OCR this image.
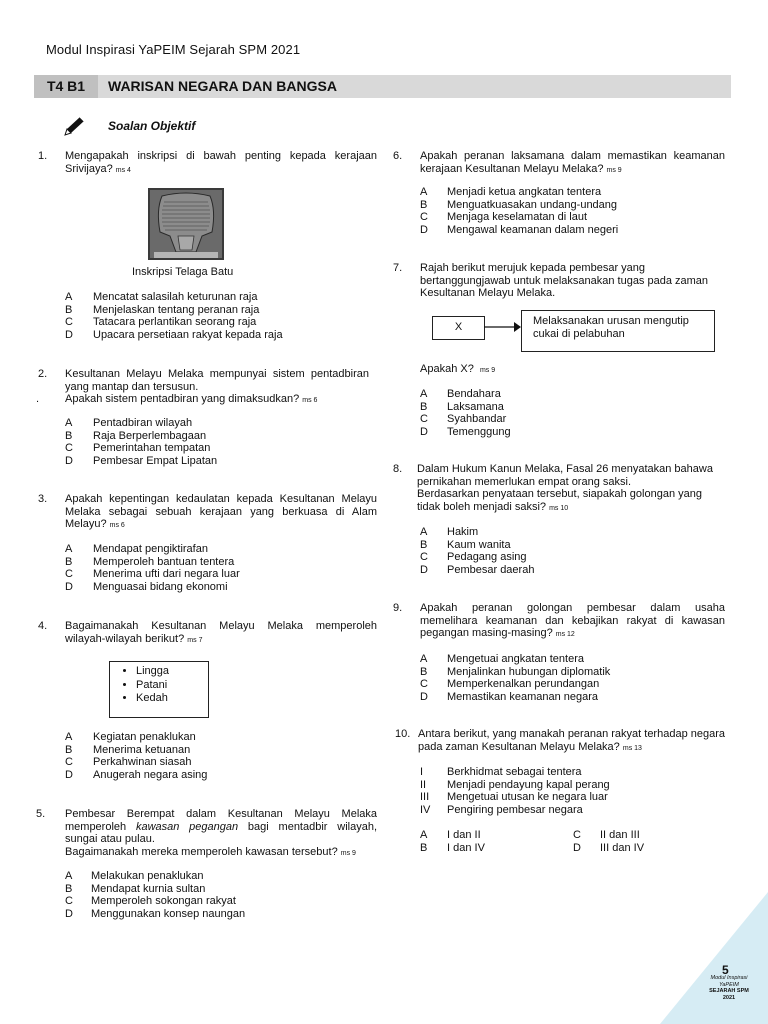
Modul Inspirasi YaPEIM Sejarah SPM 2021
T4 B1	WARISAN NEGARA DAN BANGSA
Soalan Objektif
1. Mengapakah inskripsi di bawah penting kepada kerajaan Srivijaya? ms 4
Inskripsi Telaga Batu
A	Mencatat salasilah keturunan raja
B	Menjelaskan tentang peranan raja
C	Tatacara perlantikan seorang raja
D	Upacara persetiaan rakyat kepada raja
2.
.
Kesultanan Melayu Melaka mempunyai sistem pentadbiran yang mantap dan tersusun.
Apakah sistem pentadbiran yang dimaksudkan? ms 6
A	Pentadbiran wilayah
B	Raja Berperlembagaan
C	Pemerintahan tempatan
D	Pembesar Empat Lipatan
3. Apakah kepentingan kedaulatan kepada Kesultanan Melayu Melaka sebagai sebuah kerajaan yang berkuasa di Alam Melayu? ms 6
A	Mendapat pengiktirafan
B	Memperoleh bantuan tentera
C	Menerima ufti dari negara luar
D	Menguasai bidang ekonomi
4. Bagaimanakah Kesultanan Melayu Melaka memperoleh wilayah-wilayah berikut? ms 7
• Lingga
• Patani
• Kedah
A	Kegiatan penaklukan
B	Menerima ketuanan
C	Perkahwinan siasah
D	Anugerah negara asing
5. Pembesar Berempat dalam Kesultanan Melayu Melaka memperoleh kawasan pegangan bagi mentadbir wilayah, sungai atau pulau.
Bagaimanakah mereka memperoleh kawasan tersebut? ms 9
A	Melakukan penaklukan
B	Mendapat kurnia sultan
C	Memperoleh sokongan rakyat
D	Menggunakan konsep naungan
6. Apakah peranan laksamana dalam memastikan keamanan kerajaan Kesultanan Melayu Melaka? ms 9
A	Menjadi ketua angkatan tentera
B	Menguatkuasakan undang-undang
C	Menjaga keselamatan di laut
D	Mengawal keamanan dalam negeri
7. Rajah berikut merujuk kepada pembesar yang bertanggungjawab untuk melaksanakan tugas pada zaman Kesultanan Melayu Melaka.
X	Melaksanakan urusan mengutip cukai di pelabuhan
Apakah X? ms 9
A	Bendahara
B	Laksamana
C	Syahbandar
D	Temenggung
8. Dalam Hukum Kanun Melaka, Fasal 26 menyatakan bahawa pernikahan memerlukan empat orang saksi.
Berdasarkan penyataan tersebut, siapakah golongan yang tidak boleh menjadi saksi? ms 10
A	Hakim
B	Kaum wanita
C	Pedagang asing
D	Pembesar daerah
9. Apakah peranan golongan pembesar dalam usaha memelihara keamanan dan kebajikan rakyat di kawasan pegangan masing-masing? ms 12
A	Mengetuai angkatan tentera
B	Menjalinkan hubungan diplomatik
C	Memperkenalkan perundangan
D	Memastikan keamanan negara
10. Antara berikut, yang manakah peranan rakyat terhadap negara pada zaman Kesultanan Melayu Melaka? ms 13
I	Berkhidmat sebagai tentera
II	Menjadi pendayung kapal perang
III	Mengetuai utusan ke negara luar
IV	Pengiring pembesar negara
A	I dan II
B	I dan IV
C	II dan III
D	III dan IV
5
Modul Inspirasi
YaPEIM
SEJARAH SPM
2021
